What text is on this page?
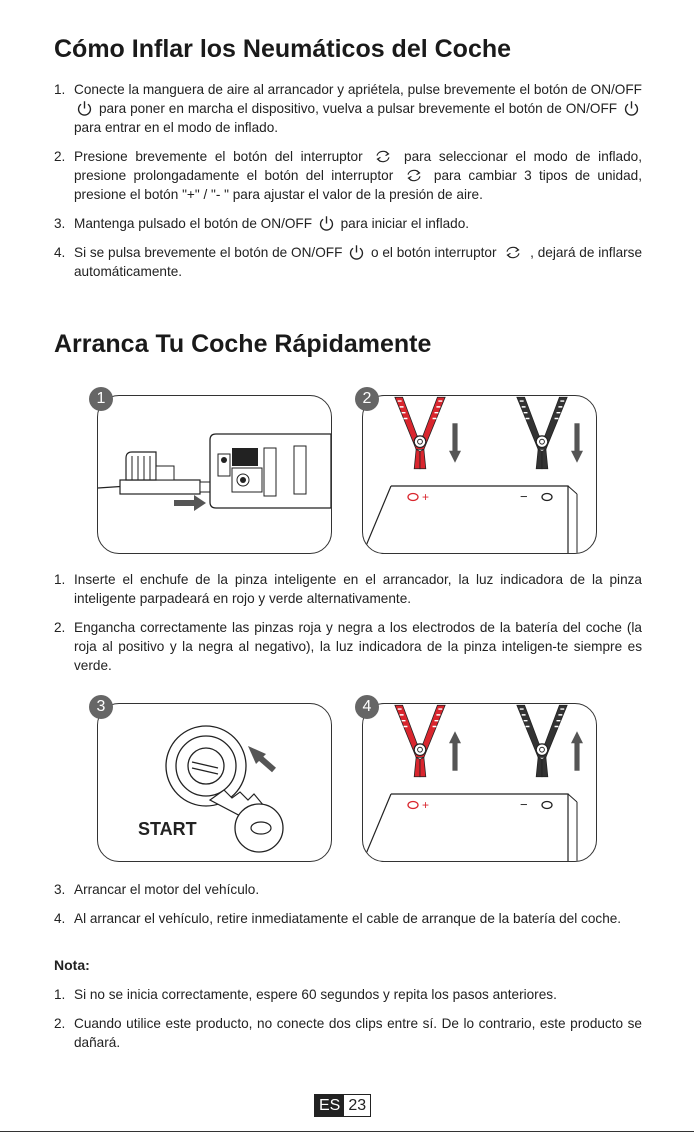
Cómo Inflar los Neumáticos del Coche
1. Conecte la manguera de aire al arrancador y apriétela, pulse brevemente el botón de ON/OFF  para poner en marcha el dispositivo, vuelva a pulsar brevemente el botón de ON/OFF  para entrar en el modo de inflado.
2. Presione brevemente el botón del interruptor	para seleccionar el modo de inflado, presione prolongadamente el botón del interruptor	para cambiar 3 tipos de unidad, presione el botón "+" / "- " para ajustar el valor de la presión de aire.
3. Mantenga pulsado el botón de ON/OFF para iniciar el inflado.
4. Si se pulsa brevemente el botón de ON/OFF o el botón interruptor , dejará de inflarse automáticamente.
Arranca Tu Coche Rápidamente
1
+	−
2
1. Inserte el enchufe de la pinza inteligente en el arrancador, la luz indicadora de la pinza inteligente parpadeará en rojo y verde alternativamente.
2. Engancha correctamente las pinzas roja y negra a los electrodos de la batería del coche (la roja al positivo y la negra al negativo), la luz indicadora de la pinza inteligen-te siempre es verde.
START
3
+	−
4
3. Arrancar el motor del vehículo.
4. Al arrancar el vehículo, retire inmediatamente el cable de arranque de la batería del coche.
Nota:
1. Si no se inicia correctamente, espere 60 segundos y repita los pasos anteriores.
2. Cuando utilice este producto, no conecte dos clips entre sí. De lo contrario, este producto se dañará.
ES 23
